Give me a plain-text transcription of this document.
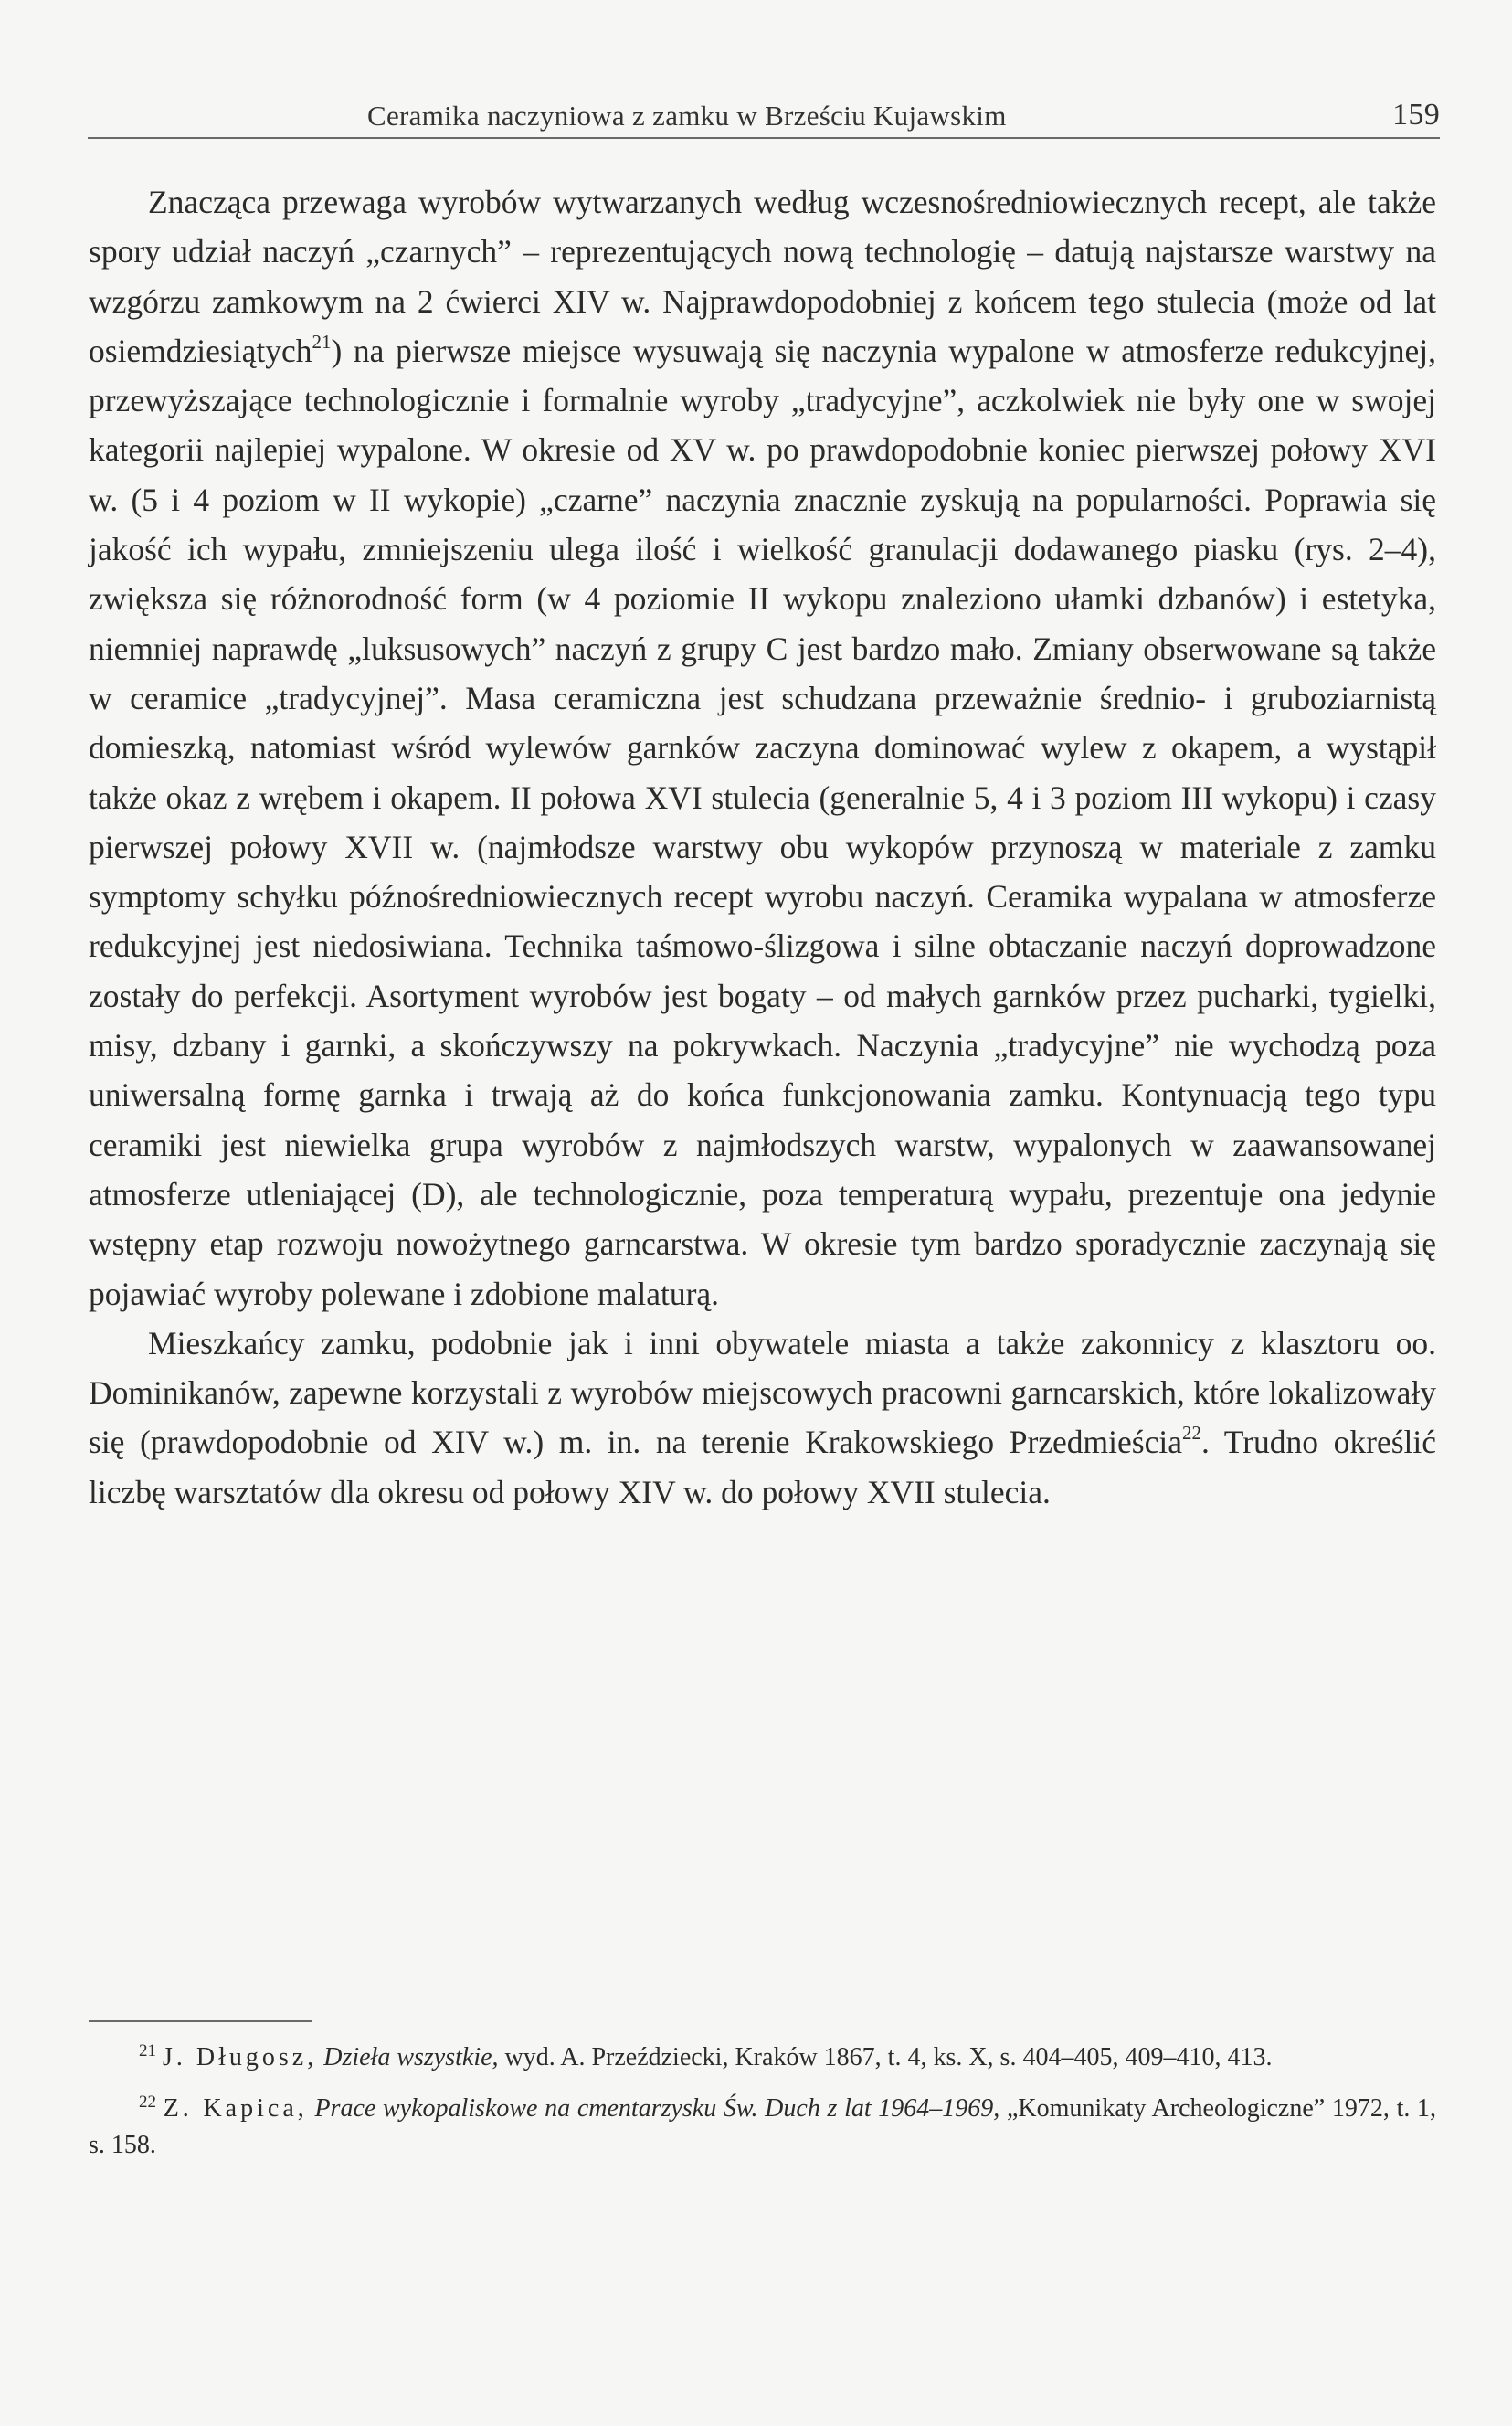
Ceramika naczyniowa z zamku w Brześciu Kujawskim	159

Znacząca przewaga wyrobów wytwarzanych według wczesnośredniowiecznych recept, ale także spory udział naczyń „czarnych” – reprezentujących nową technologię – datują najstarsze warstwy na wzgórzu zamkowym na 2 ćwierci XIV w. Najprawdopodobniej z końcem tego stulecia (może od lat osiemdziesiątych$^{21}$) na pierwsze miejsce wysuwają się naczynia wypalone w atmosferze redukcyjnej, przewyższające technologicznie i formalnie wyroby „tradycyjne”, aczkolwiek nie były one w swojej kategorii najlepiej wypalone. W okresie od XV w. po prawdopodobnie koniec pierwszej połowy XVI w. (5 i 4 poziom w II wykopie) „czarne” naczynia znacznie zyskują na popularności. Poprawia się jakość ich wypału, zmniejszeniu ulega ilość i wielkość granulacji dodawanego piasku (rys. 2–4), zwiększa się różnorodność form (w 4 poziomie II wykopu znaleziono ułamki dzbanów) i estetyka, niemniej naprawdę „luksusowych” naczyń z grupy C jest bardzo mało. Zmiany obserwowane są także w ceramice „tradycyjnej”. Masa ceramiczna jest schudzana przeważnie średnio- i gruboziarnistą domieszką, natomiast wśród wylewów garnków zaczyna dominować wylew z okapem, a wystąpił także okaz z wrębem i okapem. II połowa XVI stulecia (generalnie 5, 4 i 3 poziom III wykopu) i czasy pierwszej połowy XVII w. (najmłodsze warstwy obu wykopów przynoszą w materiale z zamku symptomy schyłku późnośredniowiecznych recept wyrobu naczyń. Ceramika wypalana w atmosferze redukcyjnej jest niedosiwiana. Technika taśmowo-ślizgowa i silne obtaczanie naczyń doprowadzone zostały do perfekcji. Asortyment wyrobów jest bogaty – od małych garnków przez pucharki, tygielki, misy, dzbany i garnki, a skończywszy na pokrywkach. Naczynia „tradycyjne” nie wychodzą poza uniwersalną formę garnka i trwają aż do końca funkcjonowania zamku. Kontynuacją tego typu ceramiki jest niewielka grupa wyrobów z najmłodszych warstw, wypalonych w zaawansowanej atmosferze utleniającej (D), ale technologicznie, poza temperaturą wypału, prezentuje ona jedynie wstępny etap rozwoju nowożytnego garncarstwa. W okresie tym bardzo sporadycznie zaczynają się pojawiać wyroby polewane i zdobione malaturą.

Mieszkańcy zamku, podobnie jak i inni obywatele miasta a także zakonnicy z klasztoru oo. Dominikanów, zapewne korzystali z wyrobów miejscowych pracowni garncarskich, które lokalizowały się (prawdopodobnie od XIV w.) m. in. na terenie Krakowskiego Przedmieścia$^{22}$. Trudno określić liczbę warsztatów dla okresu od połowy XIV w. do połowy XVII stulecia.

$^{21}$ J. Długosz, Dzieła wszystkie, wyd. A. Przeździecki, Kraków 1867, t. 4, ks. X, s. 404–405, 409–410, 413.

$^{22}$ Z. Kapica, Prace wykopaliskowe na cmentarzysku Św. Duch z lat 1964–1969, „Komunikaty Archeologiczne” 1972, t. 1, s. 158.
